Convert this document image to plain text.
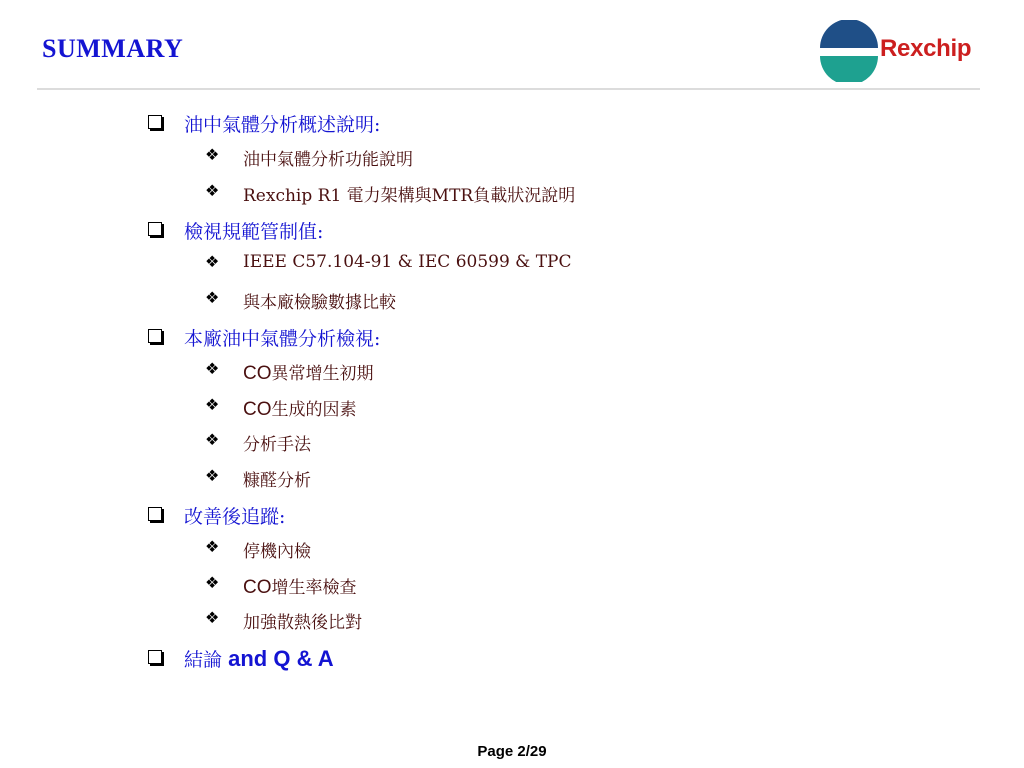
SUMMARY	Rexchip
油中氣體分析概述說明:
❖ 油中氣體分析功能說明
❖ Rexchip R1 電力架構與MTR負載狀況說明
檢視規範管制值:
❖ IEEE C57.104-91 & IEC 60599 & TPC
❖ 與本廠檢驗數據比較
本廠油中氣體分析檢視:
❖ CO異常增生初期
❖ CO生成的因素
❖ 分析手法
❖ 糠醛分析
改善後追蹤:
❖ 停機內檢
❖ CO增生率檢查
❖ 加強散熱後比對
結論 and Q & A
Page 2/29
